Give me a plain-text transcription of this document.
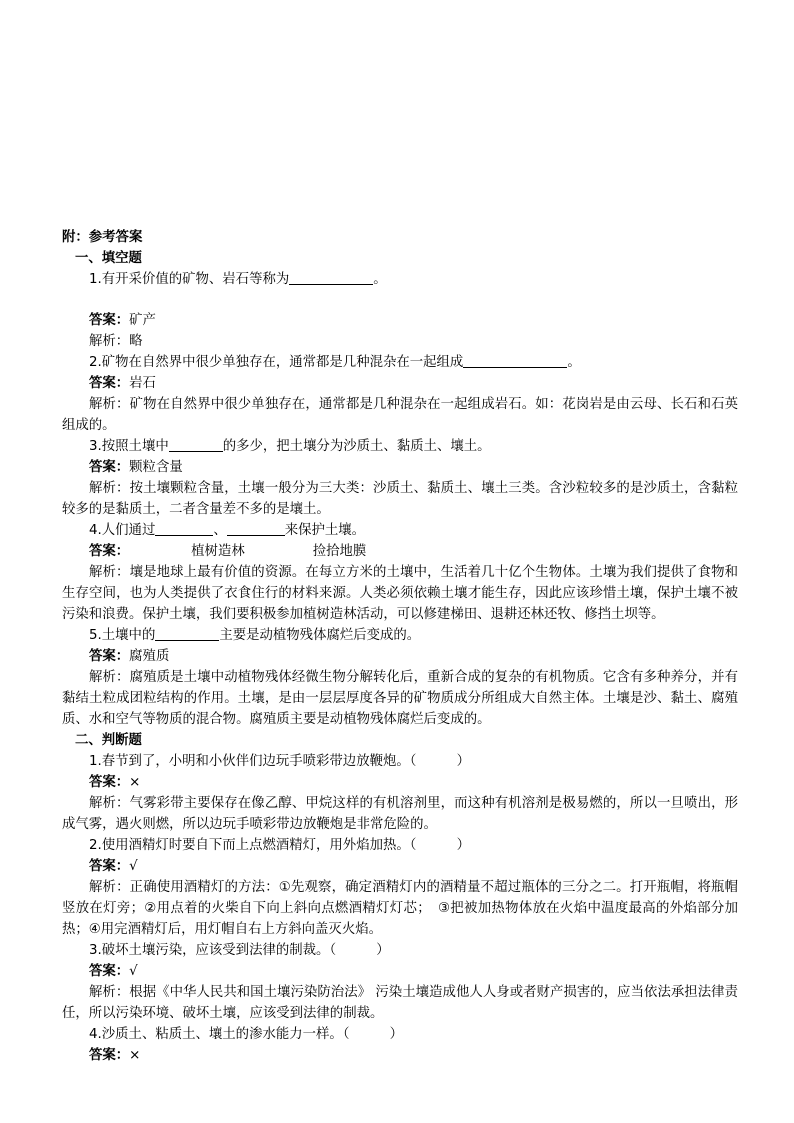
附：参考答案
一、填空题
1.有开采价值的矿物、岩石等称为	。
答案：矿产
解析：略
2.矿物在自然界中很少单独存在，通常都是几种混杂在一起组成	。
答案：岩石
解析：矿物在自然界中很少单独存在，通常都是几种混杂在一起组成岩石。如：花岗岩是由云母、长石和石英组成的。
3.按照土壤中	的多少，把土壤分为沙质土、黏质土、壤土。
答案：颗粒含量
解析：按土壤颗粒含量，土壤一般分为三大类：沙质土、黏质土、壤土三类。含沙粒较多的是沙质土，含黏粒较多的是黏质土，二者含量差不多的是壤土。
4.人们通过	、	来保护土壤。
答案：	植树造林	捡拾地膜
解析：壤是地球上最有价值的资源。在每立方米的土壤中，生活着几十亿个生物体。土壤为我们提供了食物和生存空间，也为人类提供了衣食住行的材料来源。人类必须依赖土壤才能生存，因此应该珍惜土壤，保护土壤不被污染和浪费。保护土壤，我们要积极参加植树造林活动，可以修建梯田、退耕还林还牧、修挡土坝等。
5.土壤中的	主要是动植物残体腐烂后变成的。
答案：腐殖质
解析：腐殖质是土壤中动植物残体经微生物分解转化后，重新合成的复杂的有机物质。它含有多种养分，并有黏结土粒成团粒结构的作用。土壤，是由一层层厚度各异的矿物质成分所组成大自然主体。土壤是沙、黏土、腐殖质、水和空气等物质的混合物。腐殖质主要是动植物残体腐烂后变成的。
二、判断题
1.春节到了，小明和小伙伴们边玩手喷彩带边放鞭炮。（　　　）
答案：×
解析：气雾彩带主要保存在像乙醇、甲烷这样的有机溶剂里，而这种有机溶剂是极易燃的，所以一旦喷出，形成气雾，遇火则燃，所以边玩手喷彩带边放鞭炮是非常危险的。
2.使用酒精灯时要自下而上点燃酒精灯，用外焰加热。（　　　）
答案：√
解析：正确使用酒精灯的方法：①先观察，确定酒精灯内的酒精量不超过瓶体的三分之二。打开瓶帽，将瓶帽竖放在灯旁；②用点着的火柴自下向上斜向点燃酒精灯灯芯；　③把被加热物体放在火焰中温度最高的外焰部分加热；④用完酒精灯后，用灯帽自右上方斜向盖灭火焰。
3.破坏土壤污染，应该受到法律的制裁。（　　　）
答案：√
解析：根据《中华人民共和国土壤污染防治法》 污染土壤造成他人人身或者财产损害的，应当依法承担法律责任，所以污染环境、破坏土壤，应该受到法律的制裁。
4.沙质土、粘质土、壤土的渗水能力一样。（　　　）
答案：×
